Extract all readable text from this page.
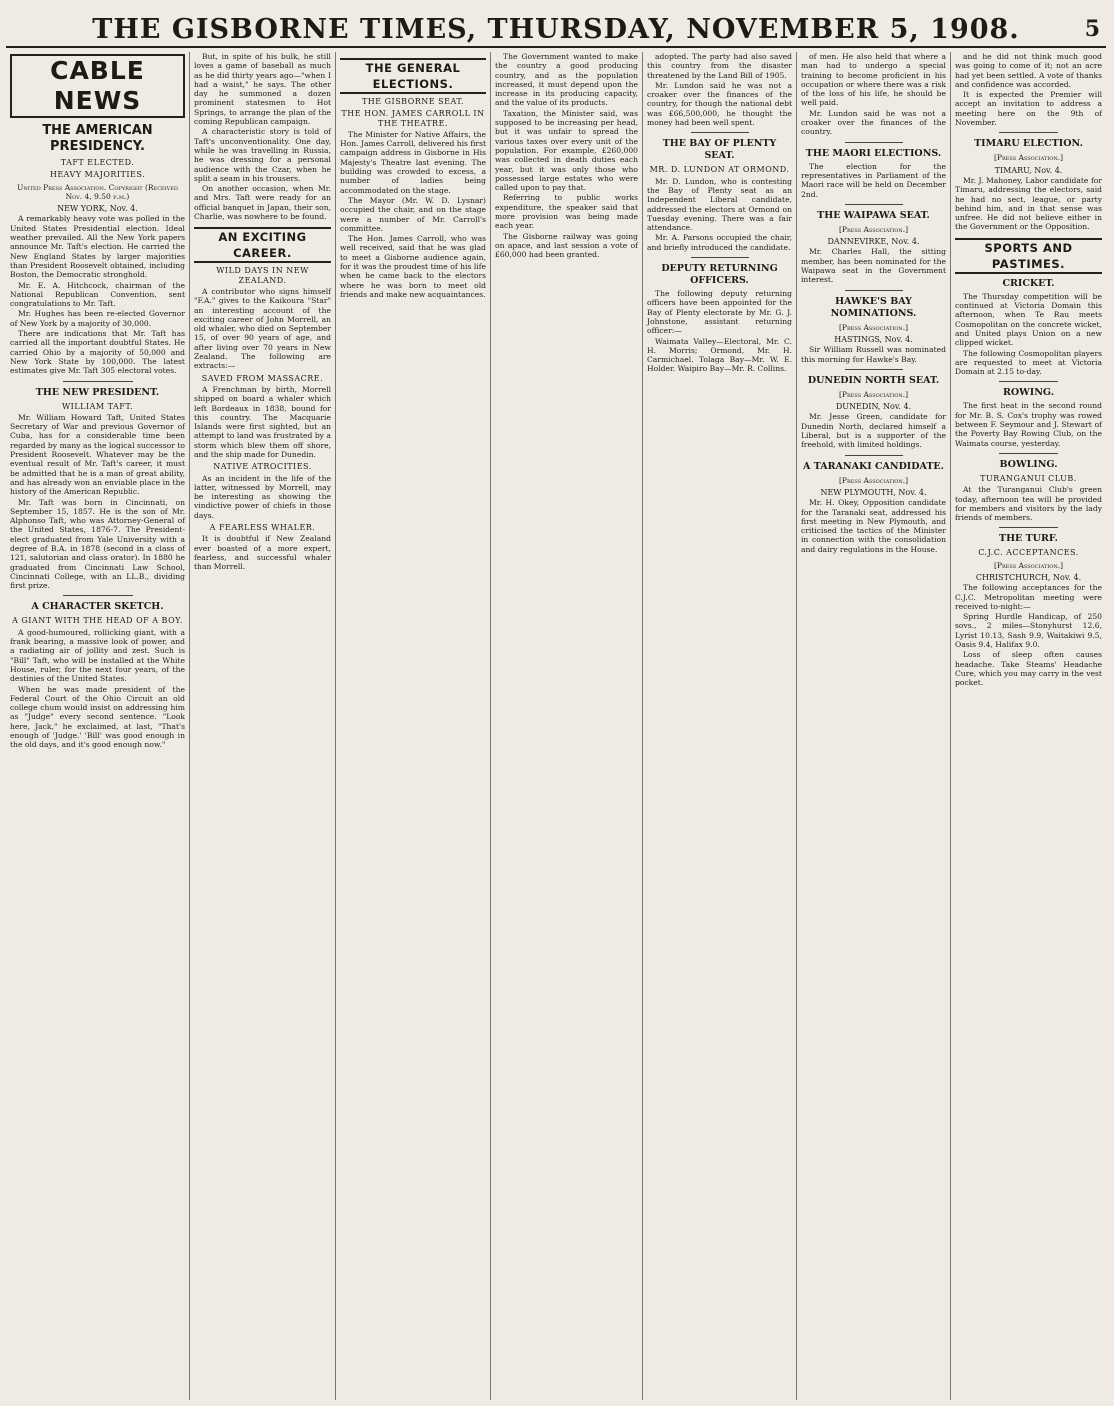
THE GISBORNE TIMES, THURSDAY, NOVEMBER 5, 1908.	5
CABLE NEWS
THE AMERICAN PRESIDENCY.
TAFT ELECTED.
HEAVY MAJORITIES.
United Press Association. Copyright (Received Nov. 4, 9.50 p.m.)

NEW YORK, Nov. 4.

A remarkably heavy vote was polled in the United States Presidential election. Ideal weather prevailed. All the New York papers announce Mr. Taft's election. He carried the New England States by larger majorities than President Roosevelt obtained, including Boston, the Democratic stronghold.

Mr. E. A. Hitchcock, chairman of the National Republican Convention, sent congratulations to Mr. Taft.

Mr. Hughes has been re-elected Governor of New York by a majority of 30,000.

There are indications that Mr. Taft has carried all the important doubtful States. He carried Ohio by a majority of 50,000 and New York State by 100,000. The latest estimates give Mr. Taft 305 electoral votes.

THE NEW PRESIDENT.
WILLIAM TAFT.

Mr. William Howard Taft, United States Secretary of War and previous Governor of Cuba, has for a considerable time been regarded by many as the logical successor to President Roosevelt. Whatever may be the eventual result of Mr. Taft's career, it must be admitted that he is a man of great ability, and has already won an enviable place in the history of the American Republic.

Mr. Taft was born in Cincinnati, on September 15, 1857. He is the son of Mr. Alphonso Taft, who was Attorney-General of the United States, 1876-7. The President-elect graduated from Yale University with a degree of B.A. in 1878 (second in a class of 121, salutorian and class orator). In 1880 he graduated from Cincinnati Law School, Cincinnati College, with an LL.B., dividing first prize.

A CHARACTER SKETCH.
A GIANT WITH THE HEAD OF A BOY.

A good-humoured, rollicking giant, with a frank bearing, a massive look of power, and a radiating air of jollity and zest. Such is "Bill" Taft, who will be installed at the White House, ruler, for the next four years, of the destinies of the United States.

When he was made president of the Federal Court of the Ohio Circuit an old college chum would insist on addressing him as "Judge" every second sentence. "Look here, Jack," he exclaimed, at last, "That's enough of 'Judge.' 'Bill' was good enough in the old days, and it's good enough now."

But, in spite of his bulk, he still loves a game of baseball as much as he did thirty years ago—"when I had a waist," he says. The other day he summoned a dozen prominent statesmen to Hot Springs, to arrange the plan of the coming Republican campaign.

A characteristic story is told of Taft's unconventionality. One day, while he was travelling in Russia, he was dressing for a personal audience with the Czar, when he split a seam in his trousers.

On another occasion, when Mr. and Mrs. Taft were ready for an official banquet in Japan, their son, Charlie, was nowhere to be found.

AN EXCITING CAREER.
WILD DAYS IN NEW ZEALAND.

A contributor who signs himself "F.A." gives to the Kaikoura "Star" an interesting account of the exciting career of John Morrell, an old whaler, who died on September 15, of over 90 years of age, and after living over 70 years in New Zealand. The following are extracts:—

SAVED FROM MASSACRE.

A Frenchman by birth, Morrell shipped on board a whaler which left Bordeaux in 1838, bound for this country. The Macquarie Islands were first sighted, but an attempt to land was frustrated by a storm which blew them off shore, and the ship made for Dunedin.

NATIVE ATROCITIES.

As an incident in the life of the latter, witnessed by Morrell, may be interesting as showing the vindictive power of chiefs in those days.

A FEARLESS WHALER.

It is doubtful if New Zealand ever boasted of a more expert, fearless, and successful whaler than Morrell.

THE GENERAL ELECTIONS.
THE GISBORNE SEAT.
THE HON. JAMES CARROLL IN THE THEATRE.

The Minister for Native Affairs, the Hon. James Carroll, delivered his first campaign address in Gisborne in His Majesty's Theatre last evening. The building was crowded to excess, a number of ladies being accommodated on the stage.

The Mayor (Mr. W. D. Lysnar) occupied the chair, and on the stage were a number of Mr. Carroll's committee.

The Hon. James Carroll, who was well received, said that he was glad to meet a Gisborne audience again, for it was the proudest time of his life when he came back to the electors where he was born to meet old friends and make new acquaintances.

The Government wanted to make the country a good producing country, and as the population increased, it must depend upon the increase in its producing capacity, and the value of its products.

Taxation, the Minister said, was supposed to be increasing per head, but it was unfair to spread the various taxes over every unit of the population. For example, £260,000 was collected in death duties each year, but it was only those who possessed large estates who were called upon to pay that.

Referring to public works expenditure, the speaker said that more provision was being made each year.

The Gisborne railway was going on apace, and last session a vote of £60,000 had been granted.

adopted. The party had also saved this country from the disaster threatened by the Land Bill of 1905.

Mr. Lundon said he was not a croaker over the finances of the country, for though the national debt was £66,500,000, he thought the money had been well spent.

THE BAY OF PLENTY SEAT.
MR. D. LUNDON AT ORMOND.

Mr. D. Lundon, who is contesting the Bay of Plenty seat as an Independent Liberal candidate, addressed the electors at Ormond on Tuesday evening. There was a fair attendance.

Mr. A. Parsons occupied the chair, and briefly introduced the candidate.

DEPUTY RETURNING OFFICERS.

The following deputy returning officers have been appointed for the Bay of Plenty electorate by Mr. G. J. Johnstone, assistant returning officer:—

Waimata Valley—Electoral, Mr. C. H. Morris; Ormond, Mr. H. Carmichael. Tolaga Bay—Mr. W. E. Holder. Waipiro Bay—Mr. R. Collins.

of men. He also held that where a man had to undergo a special training to become proficient in his occupation or where there was a risk of the loss of his life, he should be well paid.

Mr. Lundon said he was not a croaker over the finances of the country.

THE MAORI ELECTIONS.

The election for the representatives in Parliament of the Maori race will be held on December 2nd.

THE WAIPAWA SEAT.
[Press Association.]

DANNEVIRKE, Nov. 4.

Mr. Charles Hall, the sitting member, has been nominated for the Waipawa seat in the Government interest.

HAWKE'S BAY NOMINATIONS.
[Press Association.]

HASTINGS, Nov. 4.

Sir William Russell was nominated this morning for Hawke's Bay.

DUNEDIN NORTH SEAT.
[Press Association.]

DUNEDIN, Nov. 4.

Mr. Jesse Green, candidate for Dunedin North, declared himself a Liberal, but is a supporter of the freehold, with limited holdings.

A TARANAKI CANDIDATE.
[Press Association.]

NEW PLYMOUTH, Nov. 4.

Mr. H. Okey, Opposition candidate for the Taranaki seat, addressed his first meeting in New Plymouth, and criticised the tactics of the Minister in connection with the consolidation and dairy regulations in the House.

and he did not think much good was going to come of it; not an acre had yet been settled. A vote of thanks and confidence was accorded.

It is expected the Premier will accept an invitation to address a meeting here on the 9th of November.

TIMARU ELECTION.
[Press Association.]

TIMARU, Nov. 4.

Mr. J. Mahoney, Labor candidate for Timaru, addressing the electors, said he had no sect, league, or party behind him, and in that sense was unfree. He did not believe either in the Government or the Opposition.

SPORTS AND PASTIMES.
CRICKET.

The Thursday competition will be continued at Victoria Domain this afternoon, when Te Rau meets Cosmopolitan on the concrete wicket, and United plays Union on a new clipped wicket.

The following Cosmopolitan players are requested to meet at Victoria Domain at 2.15 to-day.

ROWING.

The first heat in the second round for Mr. B. S. Cox's trophy was rowed between F. Seymour and J. Stewart of the Poverty Bay Rowing Club, on the Waimata course, yesterday.

BOWLING.
TURANGANUI CLUB.

At the Turanganui Club's green today, afternoon tea will be provided for members and visitors by the lady friends of members.

THE TURF.
C.J.C. ACCEPTANCES.
[Press Association.]

CHRISTCHURCH, Nov. 4.

The following acceptances for the C.J.C. Metropolitan meeting were received to-night:—

Spring Hurdle Handicap, of 250 sovs., 2 miles—Stonyhurst 12.6, Lyrist 10.13, Sash 9.9, Waitakiwi 9.5, Oasis 9.4, Halifax 9.0.

Loss of sleep often causes headache. Take Steams' Headache Cure, which you may carry in the vest pocket.
